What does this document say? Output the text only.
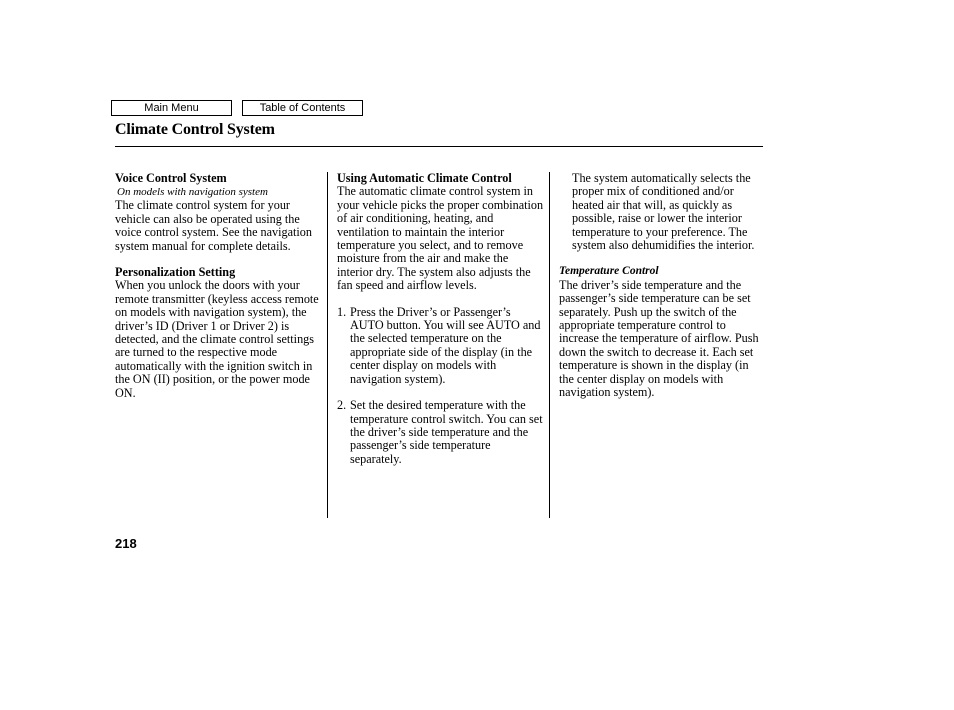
Main Menu	Table of Contents
Climate Control System
Voice Control System
On models with navigation system

The climate control system for your vehicle can also be operated using the voice control system. See the navigation system manual for complete details.

Personalization Setting

When you unlock the doors with your remote transmitter (keyless access remote on models with navigation system), the driver’s ID (Driver 1 or Driver 2) is detected, and the climate control settings are turned to the respective mode automatically with the ignition switch in the ON (II) position, or the power mode ON.

Using Automatic Climate Control

The automatic climate control system in your vehicle picks the proper combination of air conditioning, heating, and ventilation to maintain the interior temperature you select, and to remove moisture from the air and make the interior dry. The system also adjusts the fan speed and airflow levels.

1. Press the Driver’s or Passenger’s AUTO button. You will see AUTO and the selected temperature on the appropriate side of the display (in the center display on models with navigation system).
2. Set the desired temperature with the temperature control switch. You can set the driver’s side temperature and the passenger’s side temperature separately.

The system automatically selects the proper mix of conditioned and/or heated air that will, as quickly as possible, raise or lower the interior temperature to your preference. The system also dehumidifies the interior.

Temperature Control

The driver’s side temperature and the passenger’s side temperature can be set separately. Push up the switch of the appropriate temperature control to increase the temperature of airflow. Push down the switch to decrease it. Each set temperature is shown in the display (in the center display on models with navigation system).

218
